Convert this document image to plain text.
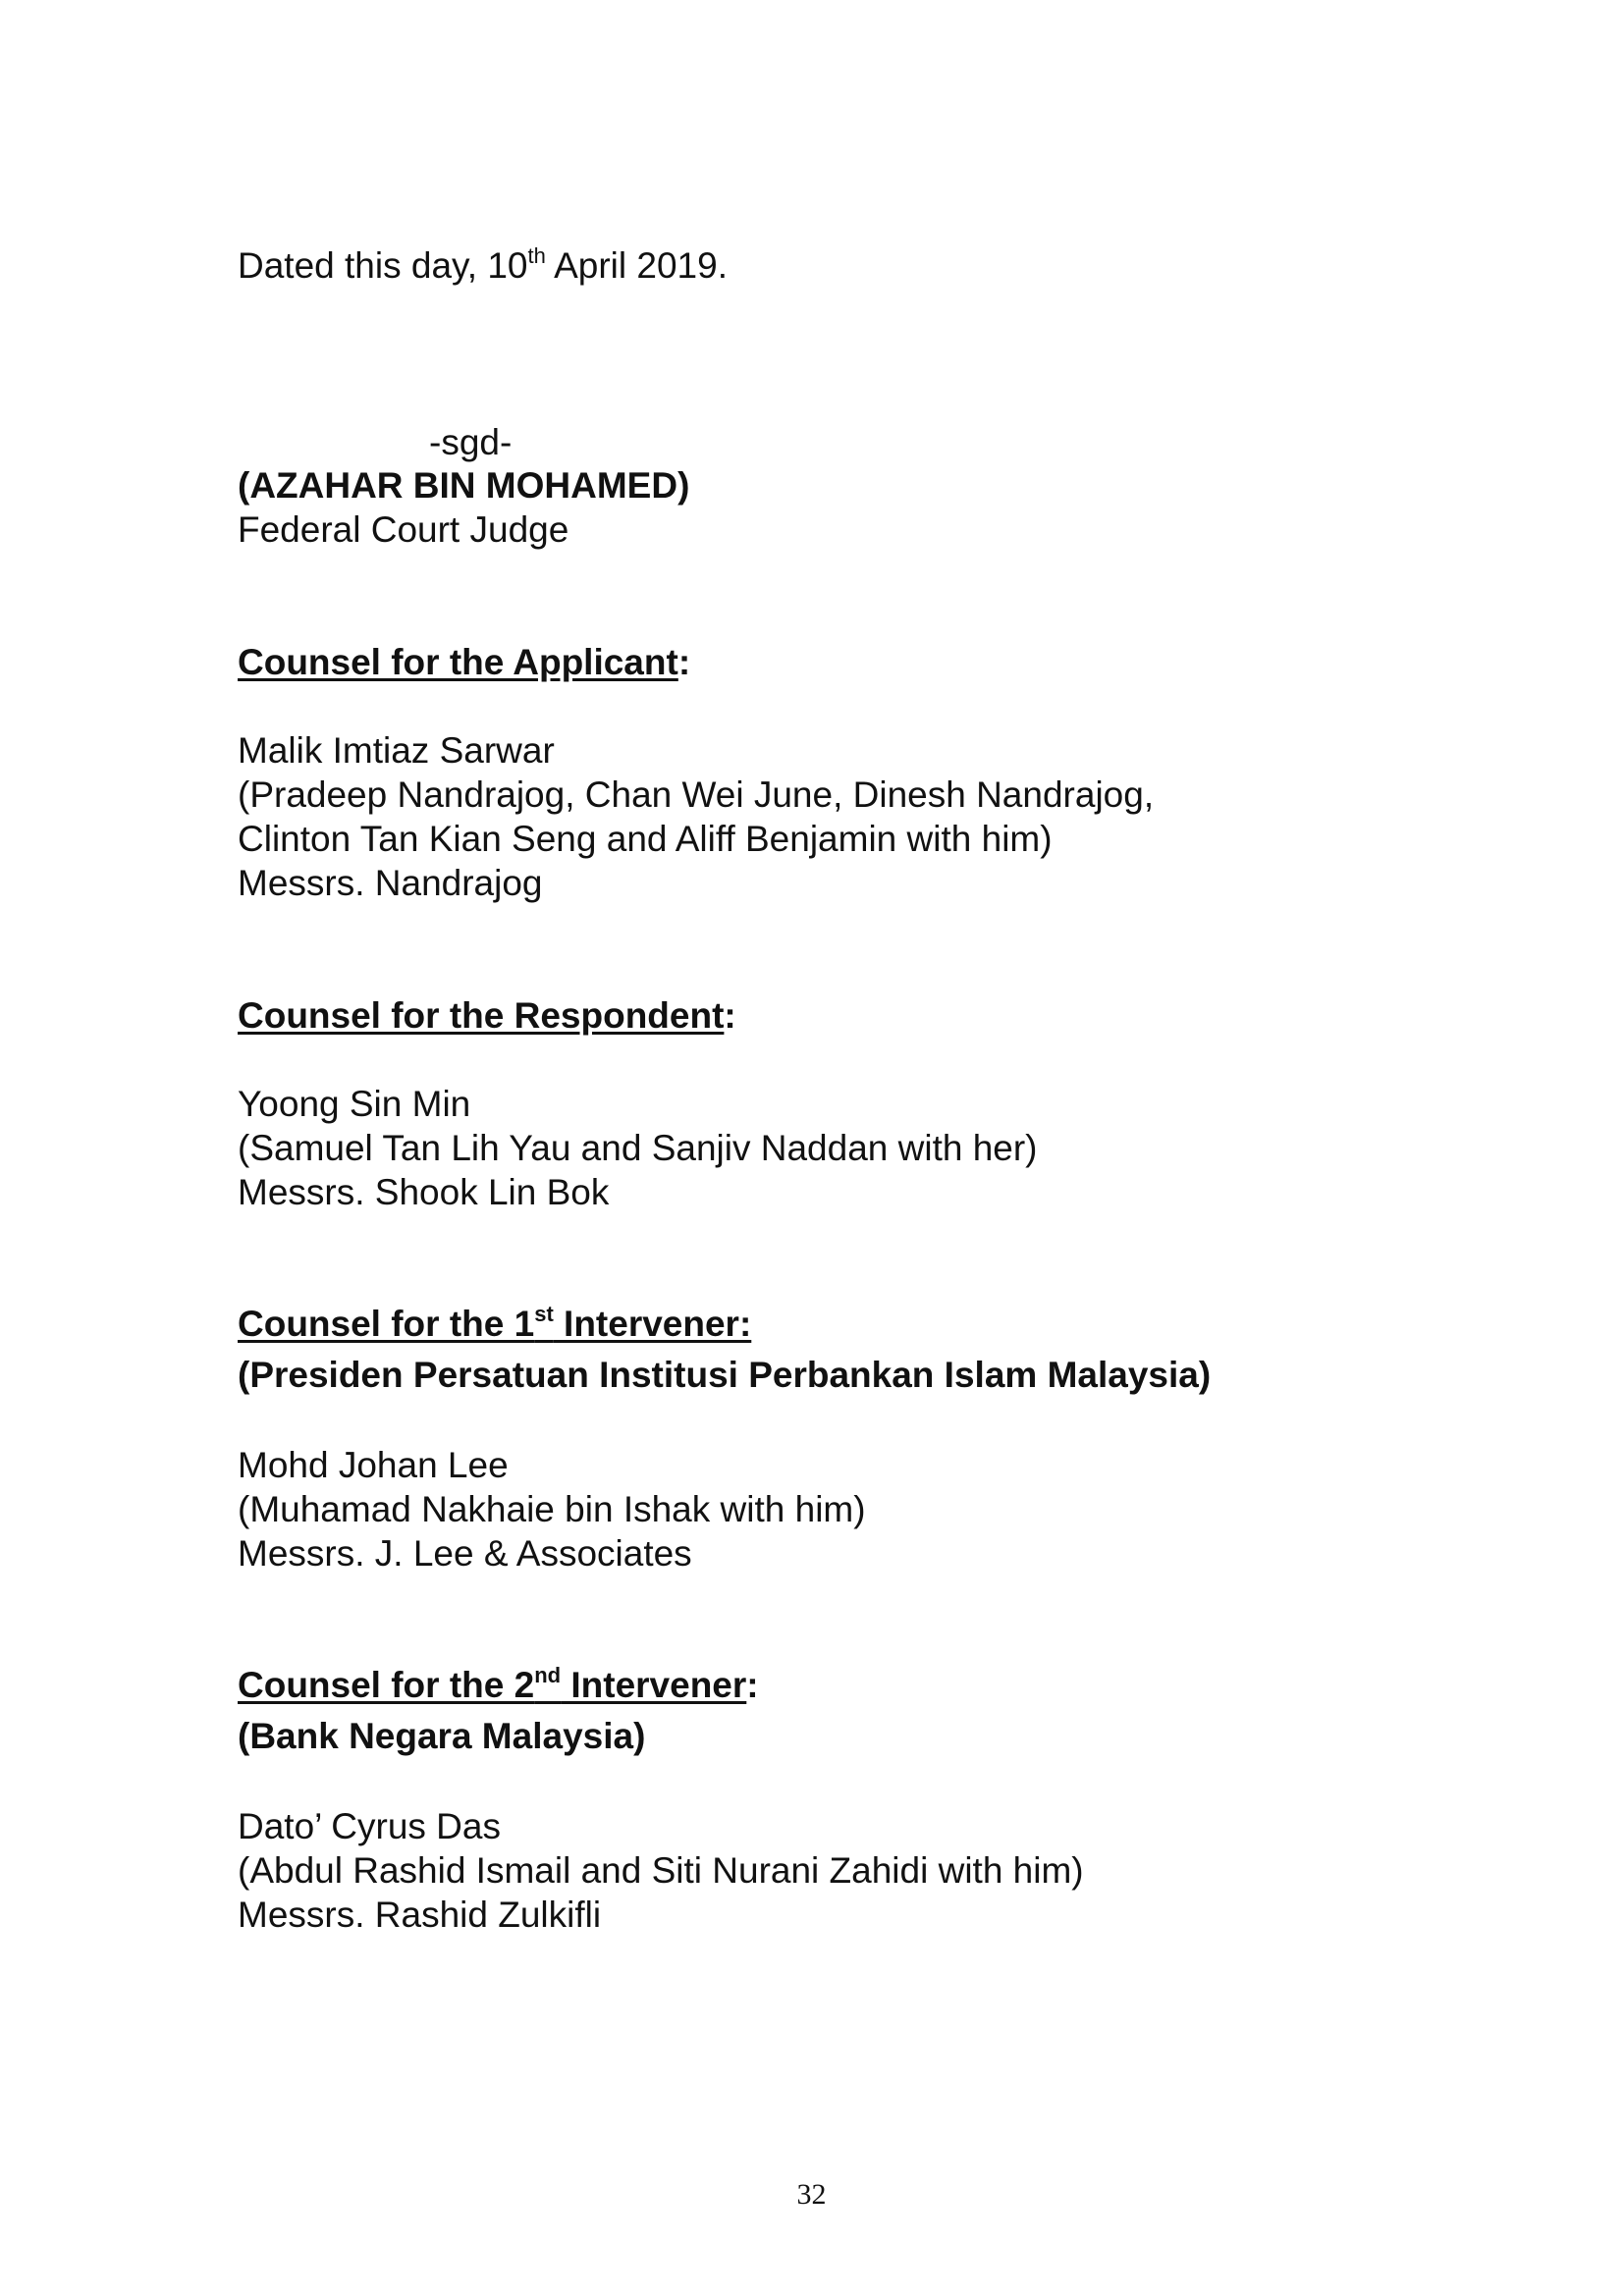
Dated this day, 10th April 2019.
-sgd-
(AZAHAR BIN MOHAMED)
Federal Court Judge
Counsel for the Applicant:
Malik Imtiaz Sarwar
(Pradeep Nandrajog, Chan Wei June, Dinesh Nandrajog,
Clinton Tan Kian Seng and Aliff Benjamin with him)
Messrs. Nandrajog
Counsel for the Respondent:
Yoong Sin Min
(Samuel Tan Lih Yau and Sanjiv Naddan with her)
Messrs. Shook Lin Bok
Counsel for the 1st Intervener:
(Presiden Persatuan Institusi Perbankan Islam Malaysia)
Mohd Johan Lee
(Muhamad Nakhaie bin Ishak with him)
Messrs. J. Lee & Associates
Counsel for the 2nd Intervener:
(Bank Negara Malaysia)
Dato’ Cyrus Das
(Abdul Rashid Ismail and Siti Nurani Zahidi with him)
Messrs. Rashid Zulkifli
32
